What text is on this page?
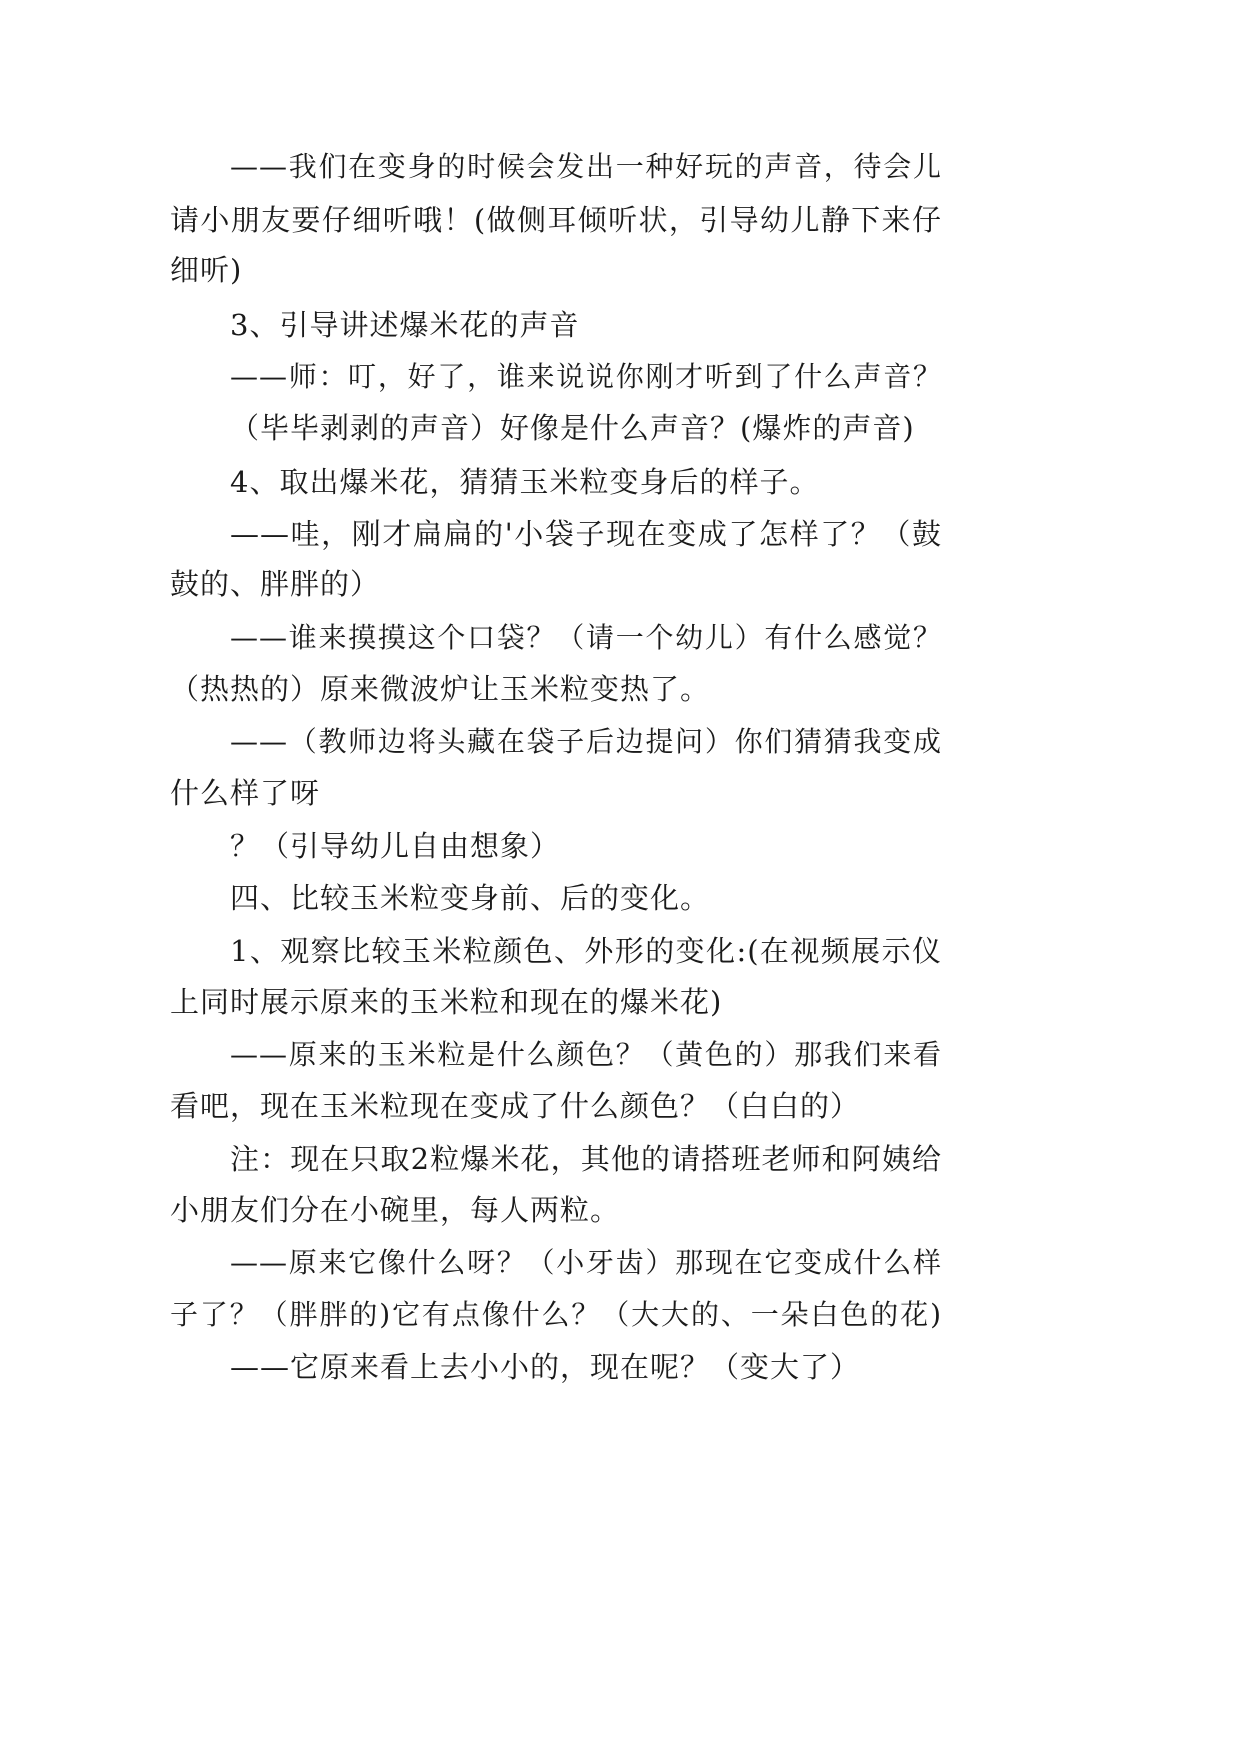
——我们在变身的时候会发出一种好玩的声音，待会儿
请小朋友要仔细听哦！(做侧耳倾听状，引导幼儿静下来仔
细听)
3、引导讲述爆米花的声音
——师：叮，好了，谁来说说你刚才听到了什么声音？
（毕毕剥剥的声音）好像是什么声音？(爆炸的声音)
4、取出爆米花，猜猜玉米粒变身后的样子。
——哇，刚才扁扁的'小袋子现在变成了怎样了？（鼓
鼓的、胖胖的）
——谁来摸摸这个口袋？（请一个幼儿）有什么感觉？
（热热的）原来微波炉让玉米粒变热了。
——（教师边将头藏在袋子后边提问）你们猜猜我变成
什么样了呀
？（引导幼儿自由想象）
四、比较玉米粒变身前、后的变化。
1、观察比较玉米粒颜色、外形的变化:(在视频展示仪
上同时展示原来的玉米粒和现在的爆米花)
——原来的玉米粒是什么颜色？（黄色的）那我们来看
看吧，现在玉米粒现在变成了什么颜色？（白白的）
注：现在只取2粒爆米花，其他的请搭班老师和阿姨给
小朋友们分在小碗里，每人两粒。
——原来它像什么呀？（小牙齿）那现在它变成什么样
子了？（胖胖的)它有点像什么？（大大的、一朵白色的花)
——它原来看上去小小的，现在呢？（变大了）
